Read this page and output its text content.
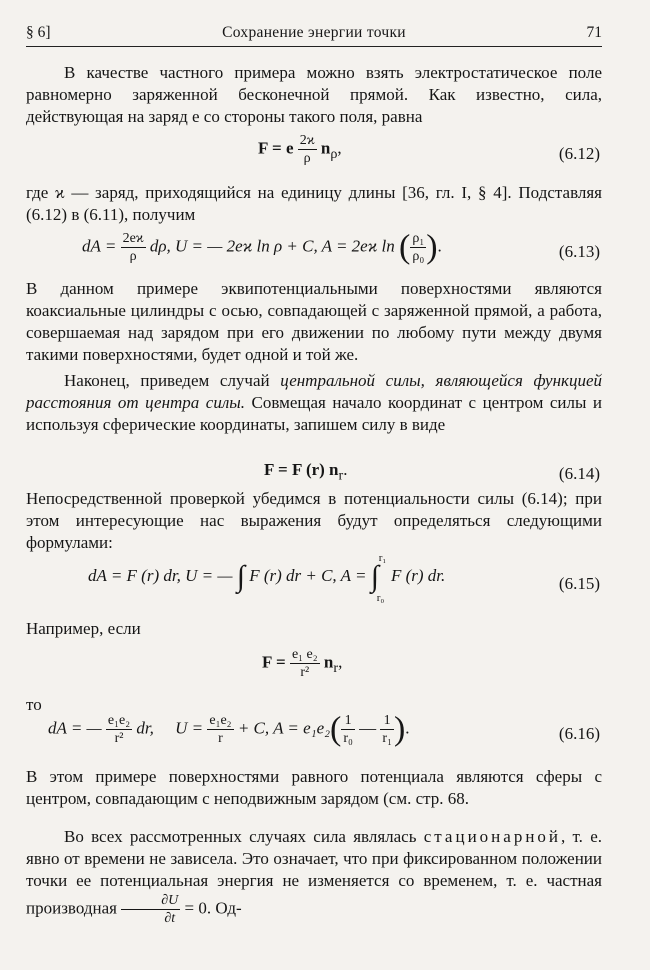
§ 6]	Сохранение энергии точки	71

В качестве частного примера можно взять электростатическое поле равномерно заряженной бесконечной прямой. Как известно, сила, действующая на заряд e со стороны такого поля, равна

F = e $\frac{2ϰ}{\rho} n_\rho$,	(6.12)

где ϰ — заряд, приходящийся на единицу длины [36, гл. I, § 4]. Подставляя (6.12) в (6.11), получим

dA = $\frac{2eϰ}{\rho} d\rho$, U = — 2eϰ ln ρ + C, A = 2eϰ ln ( $\frac{\text{ρ₁}}{\text{ρ₀}}$ ).	(6.13)

В данном примере эквипотенциальными поверхностями являются коаксиальные цилиндры с осью, совпадающей с заряженной прямой, а работа, совершаемая над зарядом при его движении по любому пути между двумя такими поверхностями, будет одной и той же.

Наконец, приведем случай центральной силы, являющейся функцией расстояния от центра силы. Совмещая начало координат с центром силы и используя сферические координаты, запишем силу в виде

F = F (r) $n_r$.	(6.14)

Непосредственной проверкой убедимся в потенциальности силы (6.14); при этом интересующие нас выражения будут определяться следующими формулами:

dA = F (r) dr, U = — ∫ F (r) dr + C, A = ∫
r₁
r₀
F (r) dr.	(6.15)

Например, если

$F = \frac{\text{e₁ e₂}}{\text{r²}} n_r$,

то

dA = — $\frac{\text{e₁e₂}}{\text{r²}}$ dr, $U = \frac{\text{e₁e₂}}{r} + C$, $A = e_1e_2( \frac{1}{\text{r₀}}$ — $\frac{1}{\text{r₁}}$ ).	(6.16)

В этом примере поверхностями равного потенциала являются сферы с центром, совпадающим с неподвижным зарядом (см. стр. 68.

Во всех рассмотренных случаях сила являлась стационарной, т. е. явно от времени не зависела. Это означает, что при фиксированном положении точки ее потенциальная энергия не изменяется со временем, т. е. частная производная $\frac{\partial U}{\partial t} = 0$. Од-
